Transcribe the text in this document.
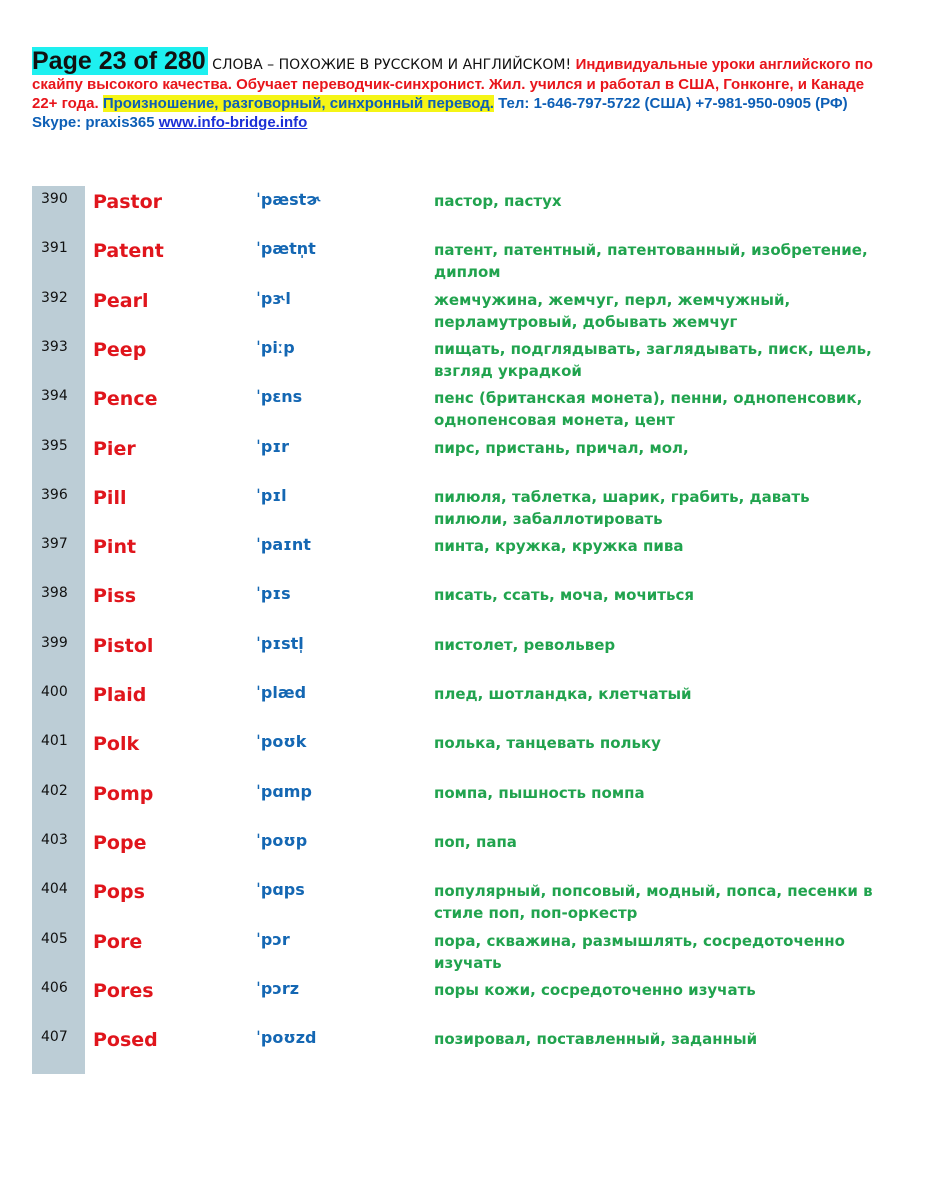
Page 23 of 280 СЛОВА – ПОХОЖИЕ В РУССКОМ И АНГЛИЙСКОМ! Индивидуальные уроки английского по скайпу высокого качества. Обучает переводчик-синхронист. Жил. учился и работал в США, Гонконге, и Канаде 22+ года. Произношение, разговорный, синхронный перевод. Тел: 1-646-797-5722 (США) +7-981-950-0905 (РФ) Skype: praxis365 www.info-bridge.info
390 Pastor	ˈpæstɚ	пастор, пастух
391 Patent	ˈpætn̩t	патент, патентный, патентованный, изобретение, диплом
392 Pearl	ˈpɝl	жемчужина, жемчуг, перл, жемчужный, перламутровый, добывать жемчуг
393 Peep	ˈpiːp	пищать, подглядывать, заглядывать, писк, щель, взгляд украдкой
394 Pence	ˈpɛns	пенс (британская монета), пенни, однопенсовик, однопенсовая монета, цент
395 Pier	ˈpɪr	пирс, пристань, причал, мол,
396 Pill	ˈpɪl	пилюля, таблетка, шарик, грабить, давать пилюли, забаллотировать
397 Pint	ˈpaɪnt	пинта, кружка, кружка пива
398 Piss	ˈpɪs	писать, ссать, моча, мочиться
399 Pistol	ˈpɪstl̩	пистолет, револьвер
400 Plaid	ˈplæd	плед, шотландка, клетчатый
401 Polk	ˈpoʊk	полька, танцевать польку
402 Pomp	ˈpɑmp	помпа, пышность помпа
403 Pope	ˈpoʊp	поп, папа
404 Pops	ˈpɑps	популярный, попсовый, модный, попса, песенки в стиле поп, поп-оркестр
405 Pore	ˈpɔr	пора, скважина, размышлять, сосредоточенно изучать
406 Pores	ˈpɔrz	поры кожи, сосредоточенно изучать
407 Posed	ˈpoʊzd	позировал, поставленный, заданный
